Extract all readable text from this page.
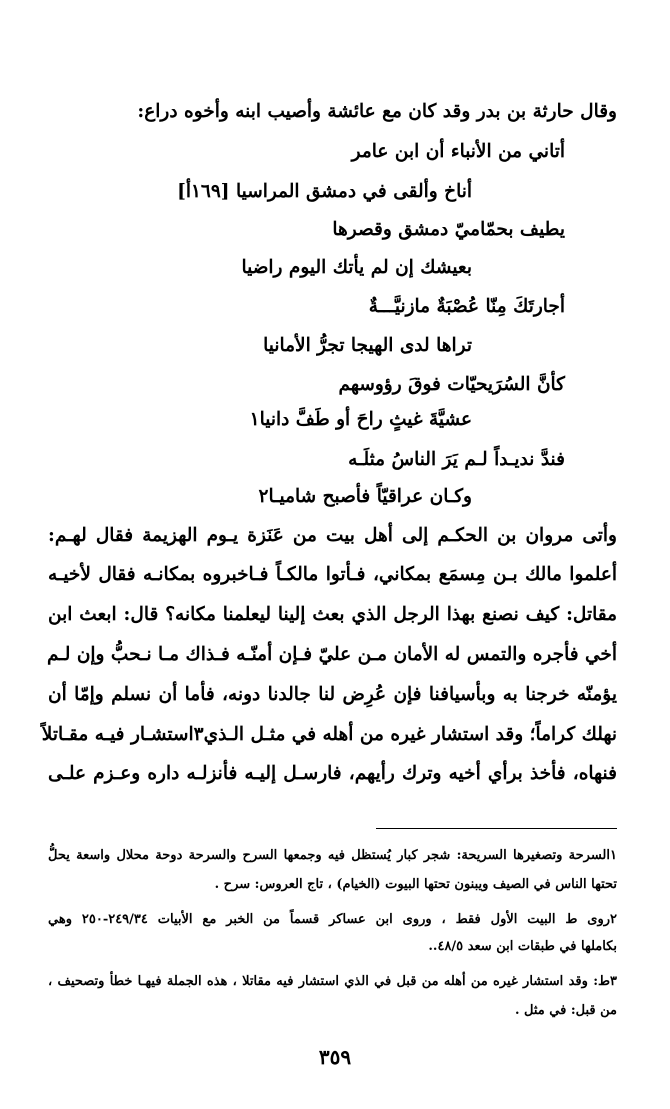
وقال حارثة بن بدر وقد كان مع عائشة وأصيب ابنه وأخوه دراع:
أتاني من الأنباء أن ابن عامر
أناخ وألقى في دمشق المراسيا [١٦٩أ]
يطيف بحمّاميّ دمشق وقصرها
بعيشك إن لم يأتك اليوم راضيا
أجارتَكَ مِنّا عُصْبَةٌ مازنيَّـــةٌ
تراها لدى الهيجا تجرُّ الأمانيا
كأنَّ السُرَيحيّات فوقَ رؤوسهم
عشيَّةَ غيثٍ راحَ أو طَفَّ دانيا١
فندَّ نديـداً لـم يَرَ الناسُ مثلَـه
وكـان عراقيّاً فأصبح شاميـا٢
وأتى مروان بن الحكـم إلى أهل بيت من عَنَزة يـوم الهزيمة فقال لهـم:
أعلموا مالك بـن مِسمَع بمكاني، فـأتوا مالكـاً فـاخبروه بمكانـه فقال لأخيـه
مقاتل: كيف نصنع بهذا الرجل الذي بعث إلينا ليعلمنا مكانه؟ قال: ابعث ابن
أخي فأجره والتمس له الأمان مـن عليّ فـإن أمنّـه فـذاك مـا نـحبُّ وإن لـم
يؤمنّه خرجنا به وبأسيافنا فإن عُرِض لنا جالدنا دونه، فأما أن نسلم وإمّا أن
نهلك كراماً؛ وقد استشار غيره من أهله في مثـل الـذي٣استشـار فيـه مقـاتلاً
فنهاه، فأخذ برأي أخيه وترك رأيهم، فارسـل إليـه فأنزلـه داره وعـزم علـى
١السرحة وتصغيرها السريحة: شجر كبار يُستظل فيه وجمعها السرح والسرحة دوحة محلال واسعة يحلُّ
تحتها الناس في الصيف ويبنون تحتها البيوت (الخيام) ، تاج العروس: سرح .
٢روى ط البيت الأول فقط ، وروى ابن عساكر قسماً من الخبر مع الأبيات ٢٤٩/٣٤-٢٥٠ وهي
بكاملها في طبقات ابن سعد ٤٨/٥..
٣ط: وقد استشار غيره من أهله من قبل في الذي استشار فيه مقاتلا ، هذه الجملة فيهـا خطأ وتصحيف ،
من قبل: في مثل .
٣٥٩
